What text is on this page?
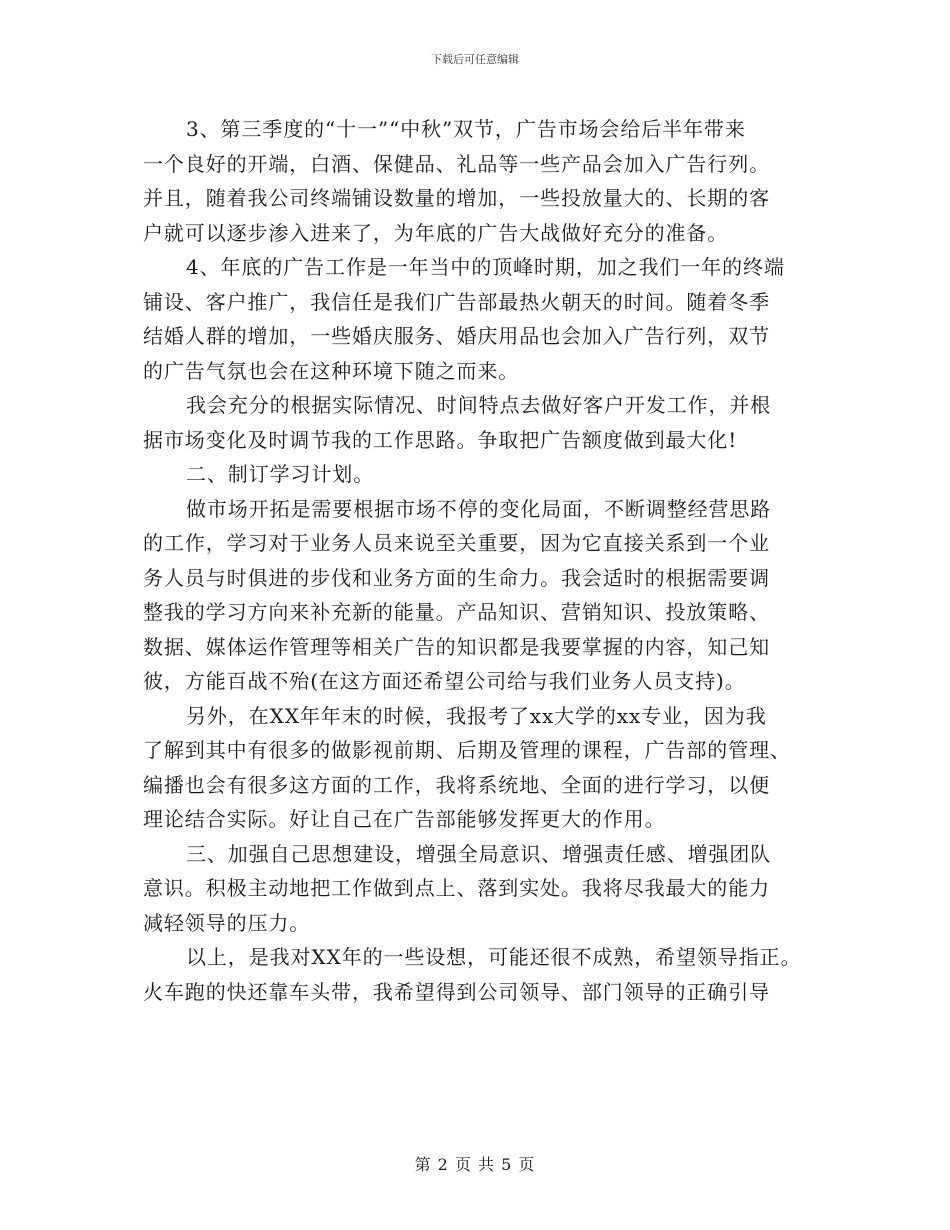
下载后可任意编辑
3、第三季度的“十一”“中秋”双节，广告市场会给后半年带来
一个良好的开端，白酒、保健品、礼品等一些产品会加入广告行列。
并且，随着我公司终端铺设数量的增加，一些投放量大的、长期的客
户就可以逐步渗入进来了，为年底的广告大战做好充分的准备。
4、年底的广告工作是一年当中的顶峰时期，加之我们一年的终端
铺设、客户推广，我信任是我们广告部最热火朝天的时间。随着冬季
结婚人群的增加，一些婚庆服务、婚庆用品也会加入广告行列，双节
的广告气氛也会在这种环境下随之而来。
我会充分的根据实际情况、时间特点去做好客户开发工作，并根
据市场变化及时调节我的工作思路。争取把广告额度做到最大化!
二、制订学习计划。
做市场开拓是需要根据市场不停的变化局面，不断调整经营思路
的工作，学习对于业务人员来说至关重要，因为它直接关系到一个业
务人员与时俱进的步伐和业务方面的生命力。我会适时的根据需要调
整我的学习方向来补充新的能量。产品知识、营销知识、投放策略、
数据、媒体运作管理等相关广告的知识都是我要掌握的内容，知己知
彼，方能百战不殆(在这方面还希望公司给与我们业务人员支持)。
另外，在XX年年末的时候，我报考了xx大学的xx专业，因为我
了解到其中有很多的做影视前期、后期及管理的课程，广告部的管理、
编播也会有很多这方面的工作，我将系统地、全面的进行学习，以便
理论结合实际。好让自己在广告部能够发挥更大的作用。
三、加强自己思想建设，增强全局意识、增强责任感、增强团队
意识。积极主动地把工作做到点上、落到实处。我将尽我最大的能力
减轻领导的压力。
以上，是我对XX年的一些设想，可能还很不成熟，希望领导指正。
火车跑的快还靠车头带，我希望得到公司领导、部门领导的正确引导
第 2 页 共 5 页
